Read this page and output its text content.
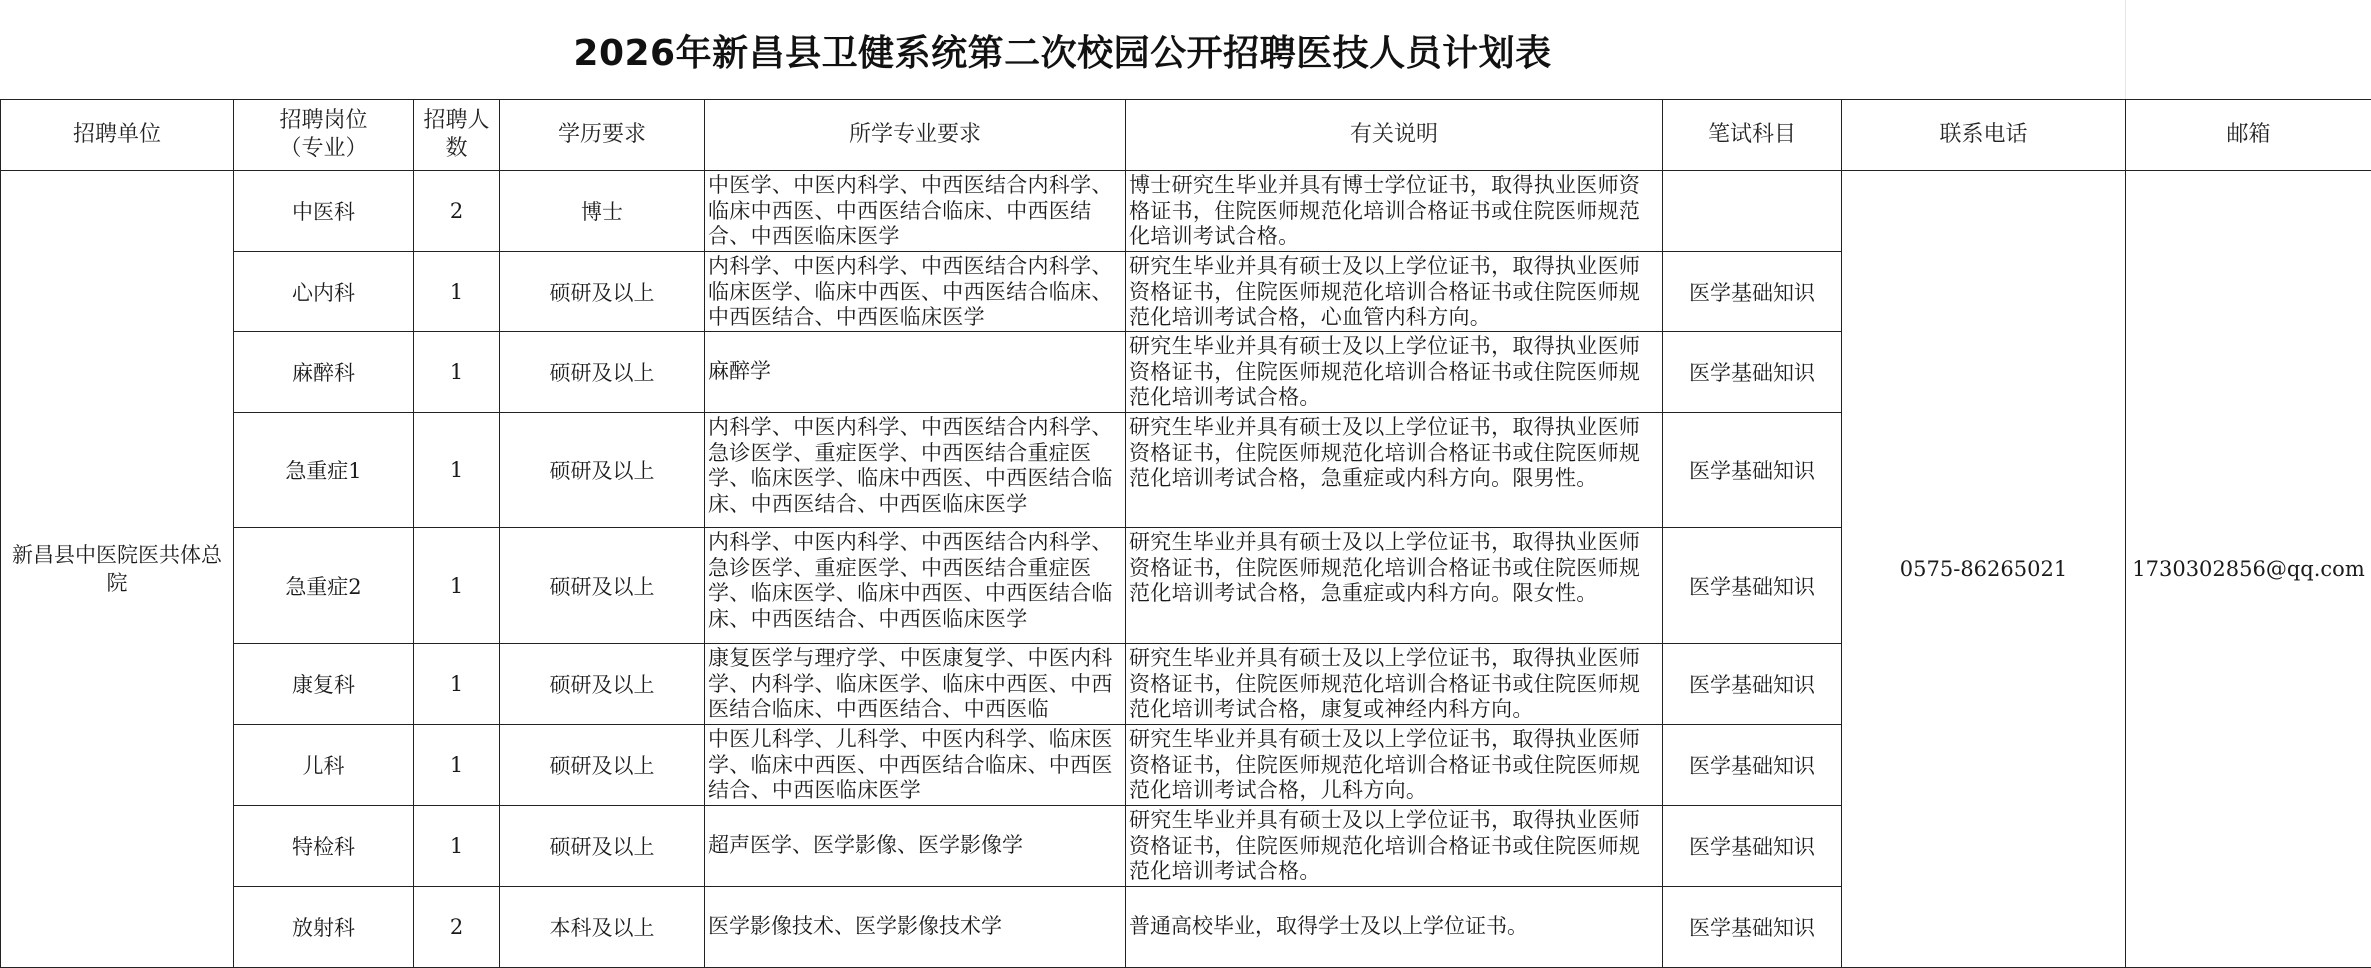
2026年新昌县卫健系统第二次校园公开招聘医技人员计划表
招聘单位	招聘岗位（专业）	招聘人数	学历要求	所学专业要求	有关说明	笔试科目	联系电话	邮箱
新昌县中医院医共体总院	中医科	2	博士	中医学、中医内科学、中西医结合内科学、临床中西医、中西医结合临床、中西医结合、中西医临床医学	博士研究生毕业并具有博士学位证书，取得执业医师资格证书，住院医师规范化培训合格证书或住院医师规范化培训考试合格。		0575-86265021	1730302856@qq.com
	心内科	1	硕研及以上	内科学、中医内科学、中西医结合内科学、临床医学、临床中西医、中西医结合临床、中西医结合、中西医临床医学	研究生毕业并具有硕士及以上学位证书，取得执业医师资格证书，住院医师规范化培训合格证书或住院医师规范化培训考试合格，心血管内科方向。	医学基础知识		
	麻醉科	1	硕研及以上	麻醉学	研究生毕业并具有硕士及以上学位证书，取得执业医师资格证书，住院医师规范化培训合格证书或住院医师规范化培训考试合格。	医学基础知识		
	急重症1	1	硕研及以上	内科学、中医内科学、中西医结合内科学、急诊医学、重症医学、中西医结合重症医学、临床医学、临床中西医、中西医结合临床、中西医结合、中西医临床医学	研究生毕业并具有硕士及以上学位证书，取得执业医师资格证书，住院医师规范化培训合格证书或住院医师规范化培训考试合格，急重症或内科方向。限男性。	医学基础知识		
	急重症2	1	硕研及以上	内科学、中医内科学、中西医结合内科学、急诊医学、重症医学、中西医结合重症医学、临床医学、临床中西医、中西医结合临床、中西医结合、中西医临床医学	研究生毕业并具有硕士及以上学位证书，取得执业医师资格证书，住院医师规范化培训合格证书或住院医师规范化培训考试合格，急重症或内科方向。限女性。	医学基础知识		
	康复科	1	硕研及以上	康复医学与理疗学、中医康复学、中医内科学、内科学、临床医学、临床中西医、中西医结合临床、中西医结合、中西医临	研究生毕业并具有硕士及以上学位证书，取得执业医师资格证书，住院医师规范化培训合格证书或住院医师规范化培训考试合格，康复或神经内科方向。	医学基础知识		
	儿科	1	硕研及以上	中医儿科学、儿科学、中医内科学、临床医学、临床中西医、中西医结合临床、中西医结合、中西医临床医学	研究生毕业并具有硕士及以上学位证书，取得执业医师资格证书，住院医师规范化培训合格证书或住院医师规范化培训考试合格，儿科方向。	医学基础知识		
	特检科	1	硕研及以上	超声医学、医学影像、医学影像学	研究生毕业并具有硕士及以上学位证书，取得执业医师资格证书，住院医师规范化培训合格证书或住院医师规范化培训考试合格。	医学基础知识		
	放射科	2	本科及以上	医学影像技术、医学影像技术学	普通高校毕业，取得学士及以上学位证书。	医学基础知识		
